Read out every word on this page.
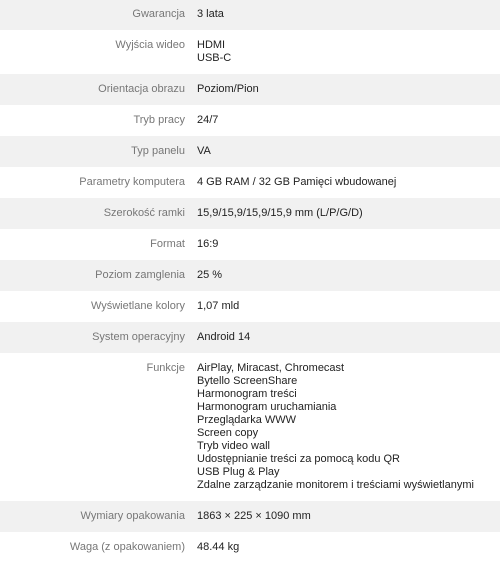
Gwarancja 3 lata
Wyjścia wideo HDMI
USB-C
Orientacja obrazu Poziom/Pion
Tryb pracy 24/7
Typ panelu VA
Parametry komputera 4 GB RAM / 32 GB Pamięci wbudowanej
Szerokość ramki 15,9/15,9/15,9/15,9 mm (L/P/G/D)
Format 16:9
Poziom zamglenia 25 %
Wyświetlane kolory 1,07 mld
System operacyjny Android 14
Funkcje AirPlay, Miracast, Chromecast
Bytello ScreenShare
Harmonogram treści
Harmonogram uruchamiania
Przeglądarka WWW
Screen copy
Tryb video wall
Udostępnianie treści za pomocą kodu QR
USB Plug & Play
Zdalne zarządzanie monitorem i treściami wyświetlanymi
Wymiary opakowania 1863 × 225 × 1090 mm
Waga (z opakowaniem) 48.44 kg
